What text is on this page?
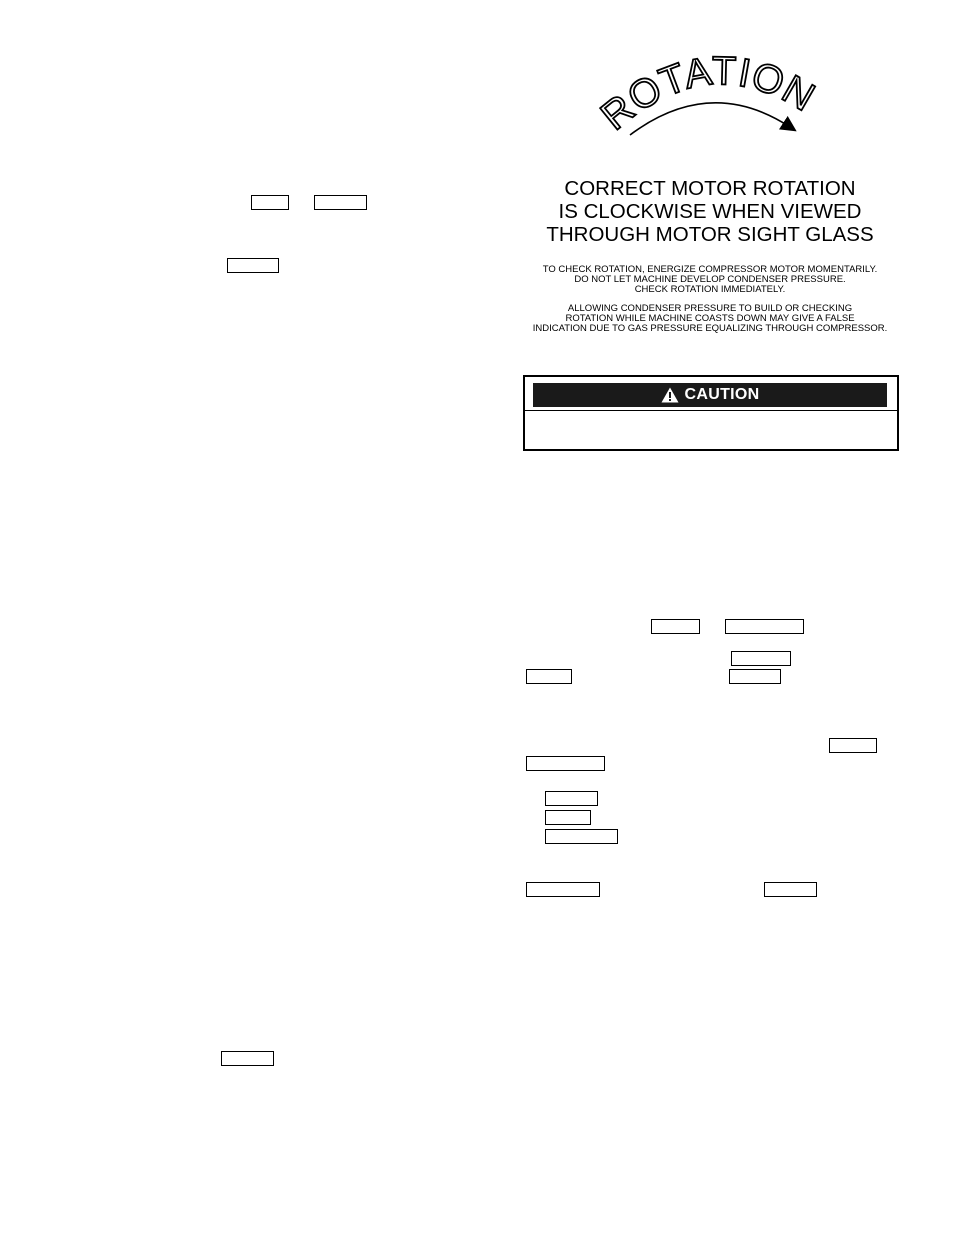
ROTATION
CORRECT MOTOR ROTATION
IS CLOCKWISE WHEN VIEWED
THROUGH MOTOR SIGHT GLASS
TO CHECK ROTATION, ENERGIZE COMPRESSOR MOTOR MOMENTARILY.
DO NOT LET MACHINE DEVELOP CONDENSER PRESSURE.
CHECK ROTATION IMMEDIATELY.
ALLOWING CONDENSER PRESSURE TO BUILD OR CHECKING
ROTATION WHILE MACHINE COASTS DOWN MAY GIVE A FALSE
INDICATION DUE TO GAS PRESSURE EQUALIZING THROUGH COMPRESSOR.
CAUTION
